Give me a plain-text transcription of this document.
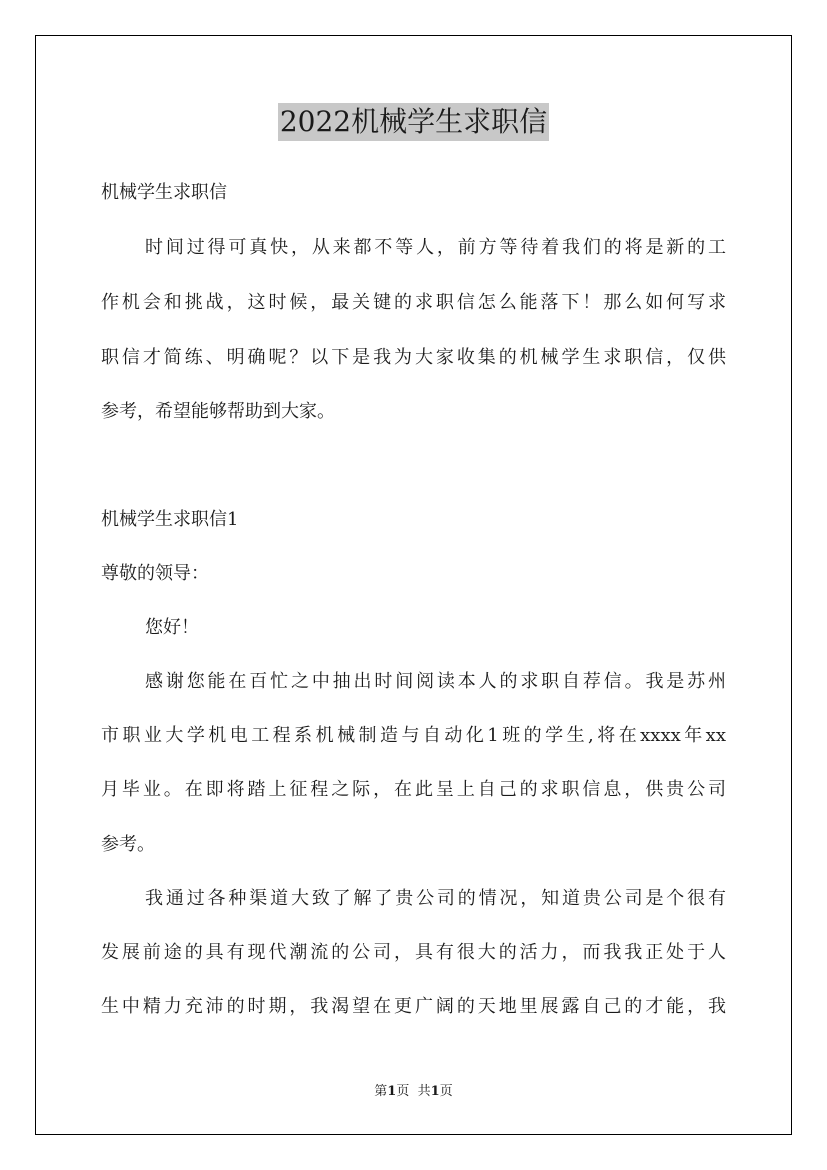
2022机械学生求职信
机械学生求职信
时间过得可真快，从来都不等人，前方等待着我们的将是新的工
作机会和挑战，这时候，最关键的求职信怎么能落下！那么如何写求
职信才简练、明确呢？以下是我为大家收集的机械学生求职信，仅供
参考，希望能够帮助到大家。
机械学生求职信1
尊敬的领导：
您好！
感谢您能在百忙之中抽出时间阅读本人的求职自荐信。我是苏州
市职业大学机电工程系机械制造与自动化1班的学生,将在xxxx年xx
月毕业。在即将踏上征程之际，在此呈上自己的求职信息，供贵公司
参考。
我通过各种渠道大致了解了贵公司的情况，知道贵公司是个很有
发展前途的具有现代潮流的公司，具有很大的活力，而我我正处于人
生中精力充沛的时期，我渴望在更广阔的天地里展露自己的才能，我
第1页 共1页
